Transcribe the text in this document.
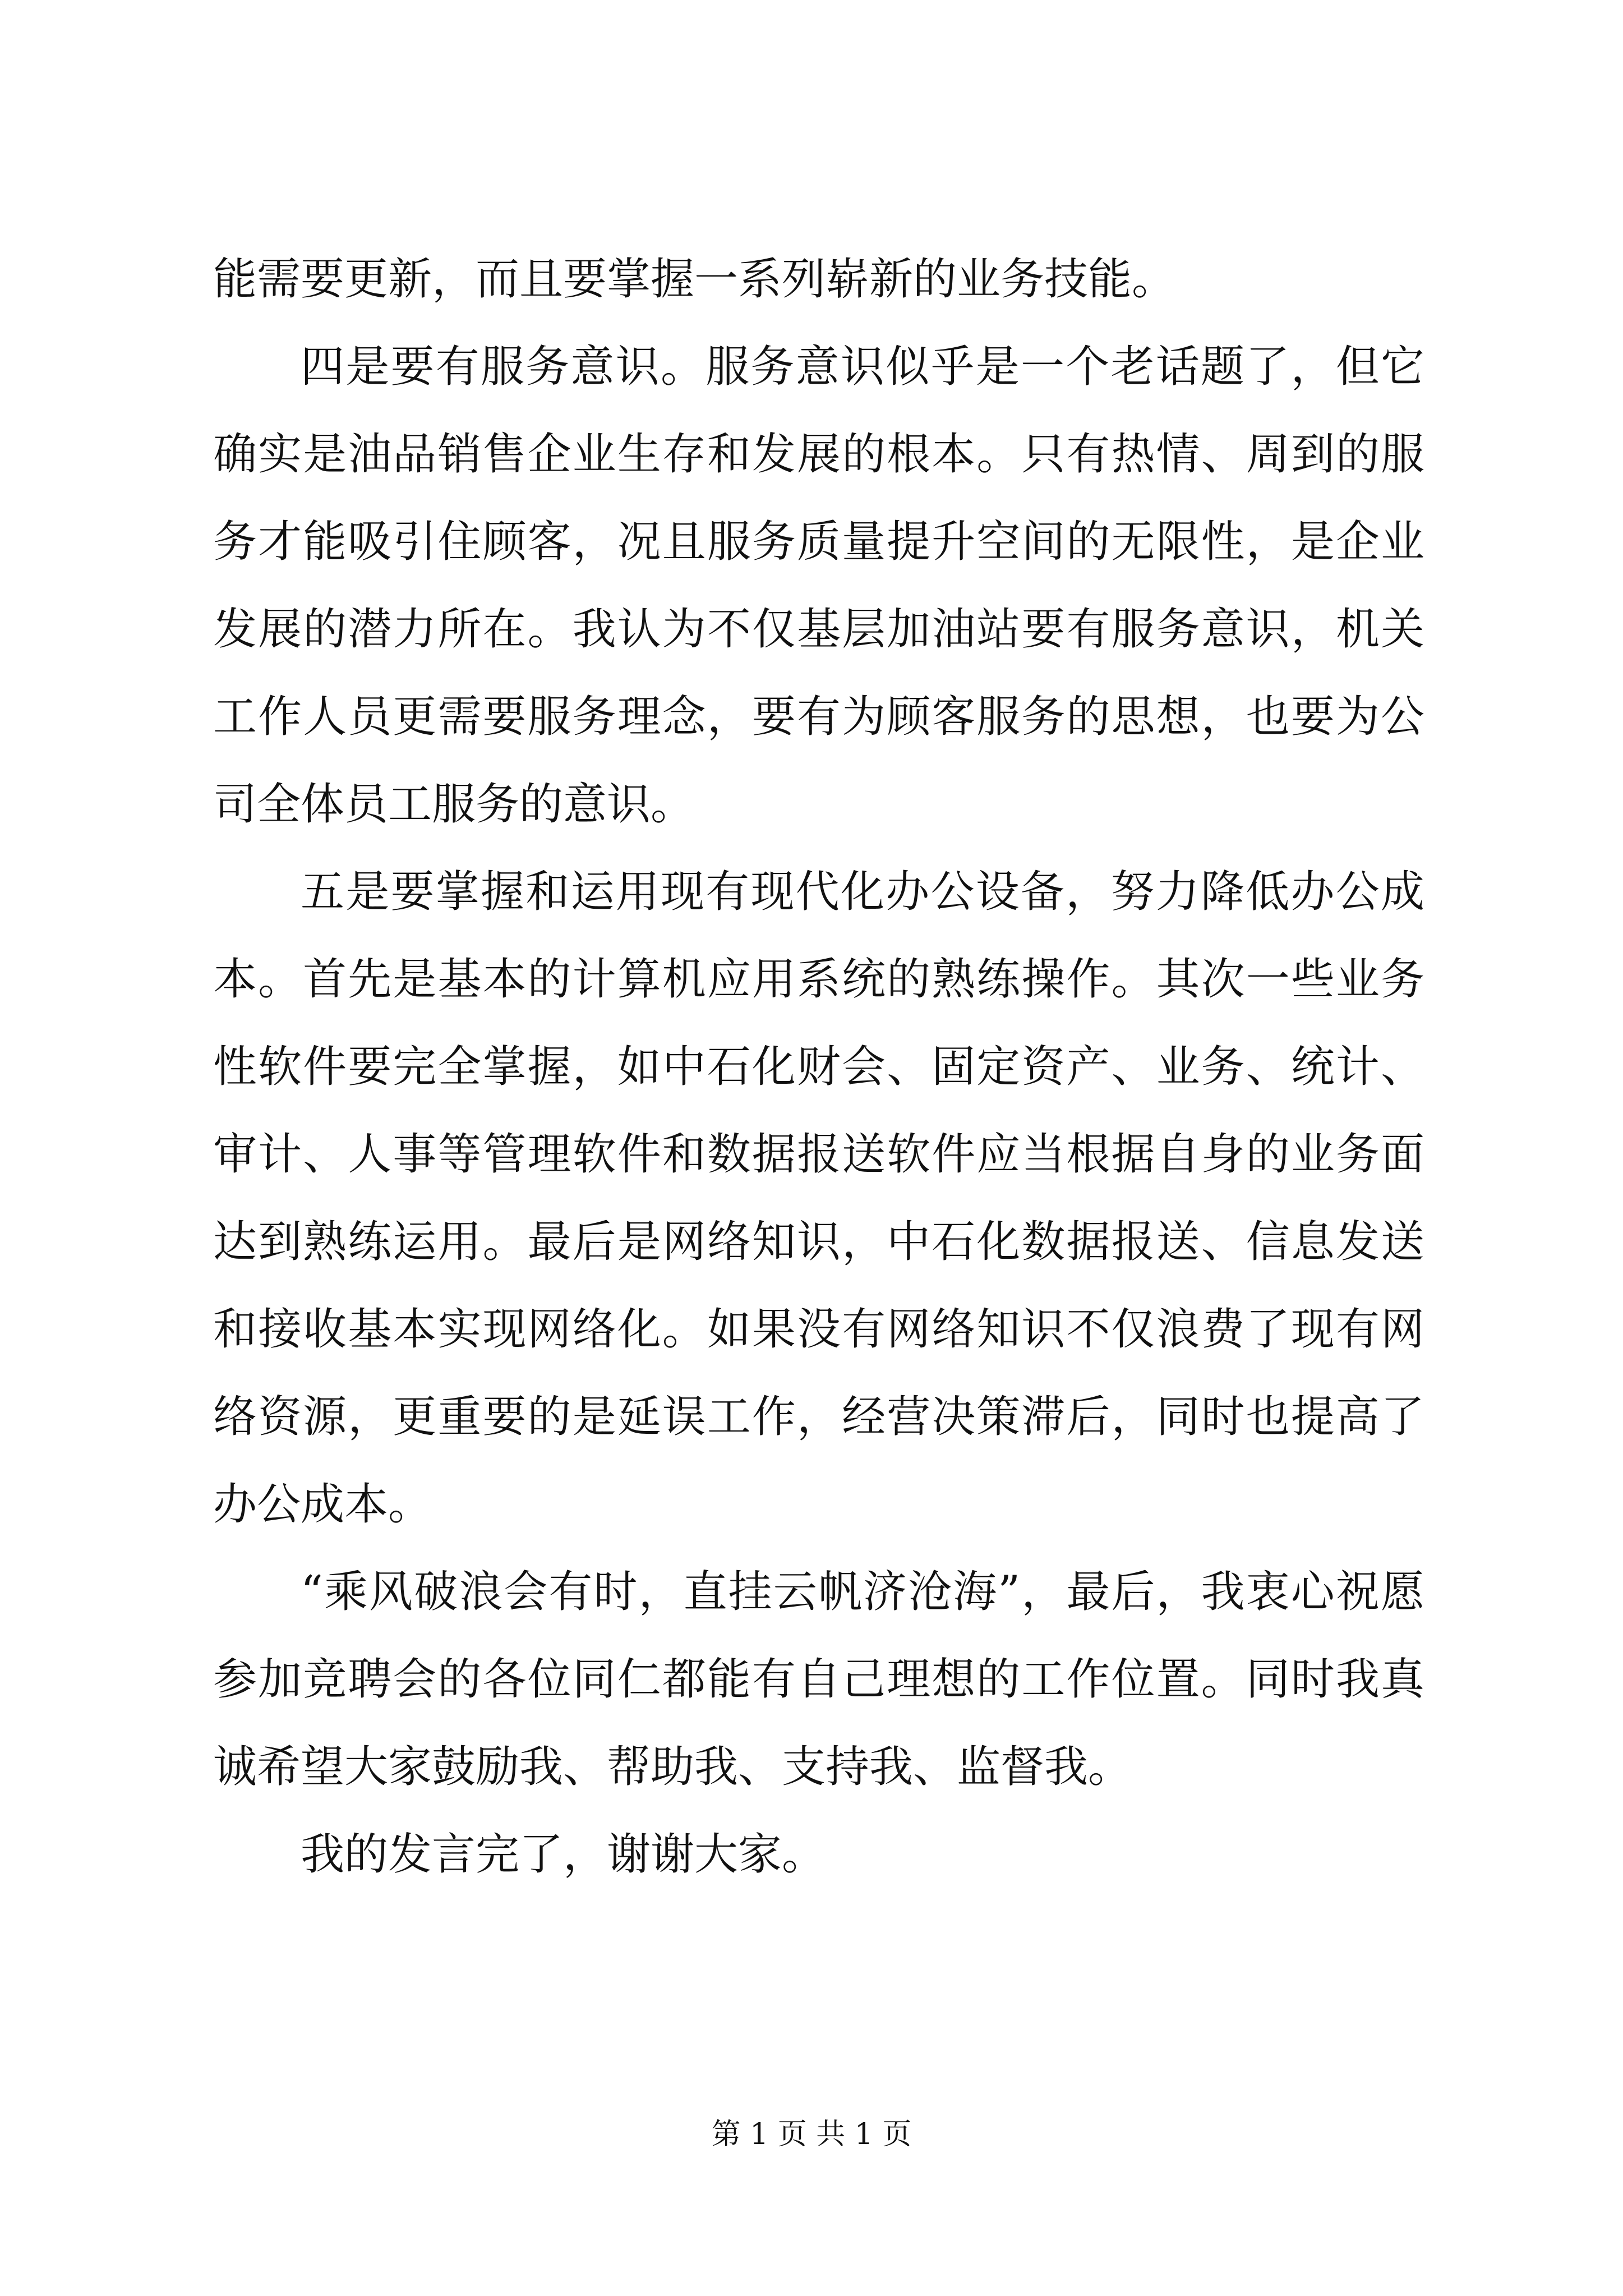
能需要更新，而且要掌握一系列崭新的业务技能。

四是要有服务意识。服务意识似乎是一个老话题了，但它确实是油品销售企业生存和发展的根本。只有热情、周到的服务才能吸引住顾客，况且服务质量提升空间的无限性，是企业发展的潜力所在。我认为不仅基层加油站要有服务意识，机关工作人员更需要服务理念，要有为顾客服务的思想，也要为公司全体员工服务的意识。

五是要掌握和运用现有现代化办公设备，努力降低办公成本。首先是基本的计算机应用系统的熟练操作。其次一些业务性软件要完全掌握，如中石化财会、固定资产、业务、统计、审计、人事等管理软件和数据报送软件应当根据自身的业务面达到熟练运用。最后是网络知识，中石化数据报送、信息发送和接收基本实现网络化。如果没有网络知识不仅浪费了现有网络资源，更重要的是延误工作，经营决策滞后，同时也提高了办公成本。

“乘风破浪会有时，直挂云帆济沧海”，最后，我衷心祝愿参加竞聘会的各位同仁都能有自己理想的工作位置。同时我真诚希望大家鼓励我、帮助我、支持我、监督我。

我的发言完了，谢谢大家。

第 1 页 共 1 页
